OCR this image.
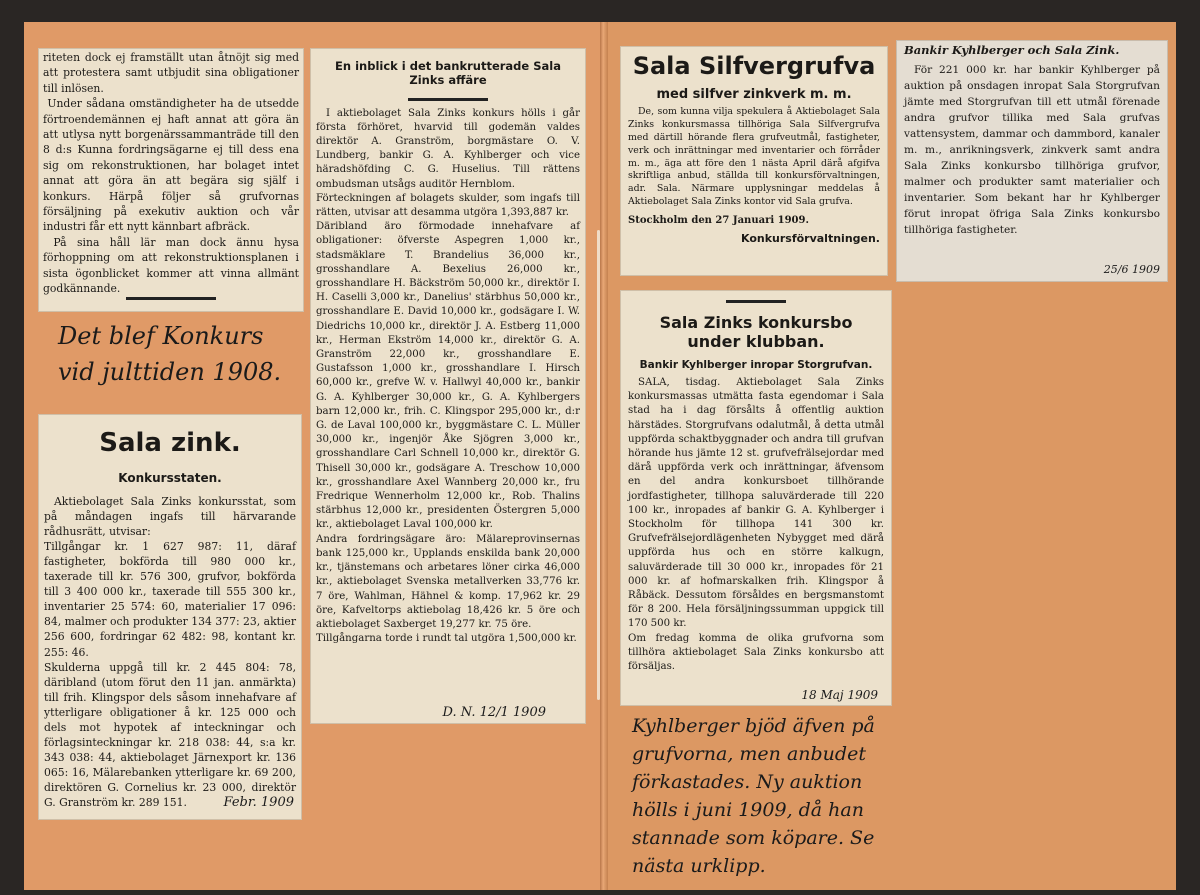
riteten dock ej framställt utan åtnöjt sig med att protestera samt utbjudit sina obligationer till inlösen.
Under sådana omständigheter ha de utsedde förtroendemännen ej haft annat att göra än att utlysa nytt borgenärssammanträde till den 8 d:s Kunna fordringsägarne ej till dess ena sig om rekonstruktionen, har bolaget intet annat att göra än att begära sig själf i konkurs. Härpå följer så grufvornas försäljning på exekutiv auktion och vår industri får ett nytt kännbart afbräck.
På sina håll lär man dock ännu hysa förhoppning om att rekonstruktionsplanen i sista ögonblicket kommer att vinna allmänt godkännande.

Det blef Konkurs
vid julttiden 1908.
Sala zink.
Konkursstaten.

Aktiebolaget Sala Zinks konkursstat, som på måndagen ingafs till härvarande rådhusrätt, utvisar:
Tillgångar kr. 1 627 987: 11, däraf fastigheter, bokförda till 980 000 kr., taxerade till kr. 576 300, grufvor, bokförda till 3 400 000 kr., taxerade till 555 300 kr., inventarier 25 574: 60, materialier 17 096: 84, malmer och produkter 134 377: 23, aktier 256 600, fordringar 62 482: 98, kontant kr. 255: 46.
Skulderna uppgå till kr. 2 445 804: 78, däribland (utom förut den 11 jan. anmärkta) till frih. Klingspor dels såsom innehafvare af ytterligare obligationer å kr. 125 000 och dels mot hypotek af inteckningar och förlagsinteckningar kr. 218 038: 44, s:a kr. 343 038: 44, aktiebolaget Järnexport kr. 136 065: 16, Mälarebanken ytterligare kr. 69 200, direktören G. Cornelius kr. 23 000, direktör G. Granström kr. 289 151.	Febr. 1909
En inblick i det bankrutterade Sala Zinks affäre

I aktiebolaget Sala Zinks konkurs hölls i går första förhöret, hvarvid till godemän valdes direktör A. Granström, borgmästare O. V. Lundberg, bankir G. A. Kyhlberger och vice häradshöfding C. G. Huselius. Till rättens ombudsman utsågs auditör Hernblom.
Förteckningen af bolagets skulder, som ingafs till rätten, utvisar att desamma utgöra 1,393,887 kr.
Däribland äro förmodade innehafvare af obligationer: öfverste Aspegren 1,000 kr., stadsmäklare T. Brandelius 36,000 kr., grosshandlare A. Bexelius 26,000 kr., grosshandlare H. Bäckström 50,000 kr., direktör I. H. Caselli 3,000 kr., Danelius' stärbhus 50,000 kr., grosshandlare E. David 10,000 kr., godsägare I. W. Diedrichs 10,000 kr., direktör J. A. Estberg 11,000 kr., Herman Ekström 14,000 kr., direktör G. A. Granström 22,000 kr., grosshandlare E. Gustafsson 1,000 kr., grosshandlare I. Hirsch 60,000 kr., grefve W. v. Hallwyl 40,000 kr., bankir G. A. Kyhlberger 30,000 kr., G. A. Kyhlbergers barn 12,000 kr., frih. C. Klingspor 295,000 kr., d:r G. de Laval 100,000 kr., byggmästare C. L. Müller 30,000 kr., ingenjör Åke Sjögren 3,000 kr., grosshandlare Carl Schnell 10,000 kr., direktör G. Thisell 30,000 kr., godsägare A. Treschow 10,000 kr., grosshandlare Axel Wannberg 20,000 kr., fru Fredrique Wennerholm 12,000 kr., Rob. Thalins stärbhus 12,000 kr., presidenten Östergren 5,000 kr., aktiebolaget Laval 100,000 kr.
Andra fordringsägare äro: Mälareprovinsernas bank 125,000 kr., Upplands enskilda bank 20,000 kr., tjänstemans och arbetares löner cirka 46,000 kr., aktiebolaget Svenska metallverken 33,776 kr. 7 öre, Wahlman, Hähnel & komp. 17,962 kr. 29 öre, Kafveltorps aktiebolag 18,426 kr. 5 öre och aktiebolaget Saxberget 19,277 kr. 75 öre.
Tillgångarna torde i rundt tal utgöra 1,500,000 kr.

D. N. 12/1 1909
Sala Silfvergrufva
med silfver zinkverk m. m.

De, som kunna vilja spekulera å Aktiebolaget Sala Zinks konkursmassa tillhöriga Sala Silfvergrufva med därtill hörande flera grufveutmål, fastigheter, verk och inrättningar med inventarier och förråder m. m., äga att före den 1 nästa April därå afgifva skriftliga anbud, ställda till konkursförvaltningen, adr. Sala. Närmare upplysningar meddelas å Aktiebolaget Sala Zinks kontor vid Sala grufva.

Stockholm den 27 Januari 1909.
Konkursförvaltningen.
Bankir Kyhlberger och Sala Zink.

För 221 000 kr. har bankir Kyhlberger på auktion på onsdagen inropat Sala Storgrufvan jämte med Storgrufvan till ett utmål förenade andra grufvor tillika med Sala grufvas vattensystem, dammar och dammbord, kanaler m. m., anrikningsverk, zinkverk samt andra Sala Zinks konkursbo tillhöriga grufvor, malmer och produkter samt materialier och inventarier. Som bekant har hr Kyhlberger förut inropat öfriga Sala Zinks konkursbo tillhöriga fastigheter.

25/6 1909
Sala Zinks konkursbo under klubban.
Bankir Kyhlberger inropar Storgrufvan.

SALA, tisdag. Aktiebolaget Sala Zinks konkursmassas utmätta fasta egendomar i Sala stad ha i dag försålts å offentlig auktion härstädes. Storgrufvans odalutmål, å detta utmål uppförda schaktbyggnader och andra till grufvan hörande hus jämte 12 st. grufvefrälsejordar med därå uppförda verk och inrättningar, äfvensom en del andra konkursboet tillhörande jordfastigheter, tillhopa saluvärderade till 220 100 kr., inropades af bankir G. A. Kyhlberger i Stockholm för tillhopa 141 300 kr. Grufvefrälsejordlägenheten Nybygget med därå uppförda hus och en större kalkugn, saluvärderade till 30 000 kr., inropades för 21 000 kr. af hofmarskalken frih. Klingspor å Råbäck. Dessutom försåldes en bergsmanstomt för 8 200. Hela försäljningssumman uppgick till 170 500 kr.
Om fredag komma de olika grufvorna som tillhöra aktiebolaget Sala Zinks konkursbo att försäljas.

18 Maj 1909
Kyhlberger bjöd äfven på
grufvorna, men anbudet
förkastades. Ny auktion
hölls i juni 1909, då han
stannade som köpare. Se
nästa urklipp.
